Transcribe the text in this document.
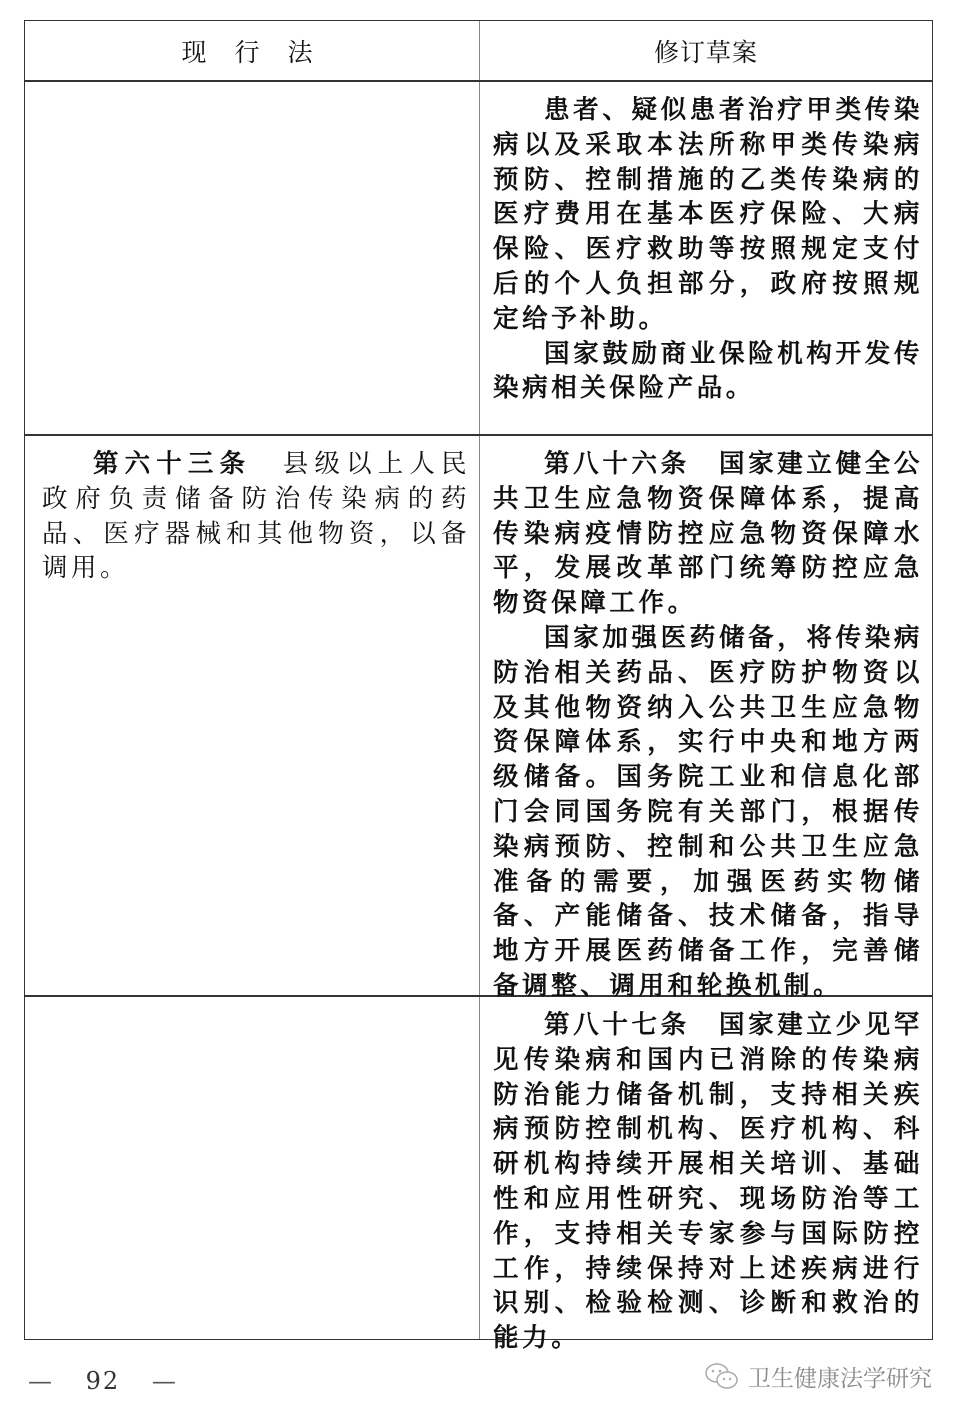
现 行 法	修订草案

患者、疑似患者治疗甲类传染病以及采取本法所称甲类传染病预防、控制措施的乙类传染病的医疗费用在基本医疗保险、大病保险、医疗救助等按照规定支付后的个人负担部分，政府按照规定给予补助。

国家鼓励商业保险机构开发传染病相关保险产品。

第六十三条　县级以上人民政府负责储备防治传染病的药品、医疗器械和其他物资，以备调用。

第八十六条　国家建立健全公共卫生应急物资保障体系，提高传染病疫情防控应急物资保障水平，发展改革部门统筹防控应急物资保障工作。

国家加强医药储备，将传染病防治相关药品、医疗防护物资以及其他物资纳入公共卫生应急物资保障体系，实行中央和地方两级储备。国务院工业和信息化部门会同国务院有关部门，根据传染病预防、控制和公共卫生应急准备的需要，加强医药实物储备、产能储备、技术储备，指导地方开展医药储备工作，完善储备调整、调用和轮换机制。

第八十七条　国家建立少见罕见传染病和国内已消除的传染病防治能力储备机制，支持相关疾病预防控制机构、医疗机构、科研机构持续开展相关培训、基础性和应用性研究、现场防治等工作，支持相关专家参与国际防控工作，持续保持对上述疾病进行识别、检验检测、诊断和救治的能力。

— 92 —	卫生健康法学研究
